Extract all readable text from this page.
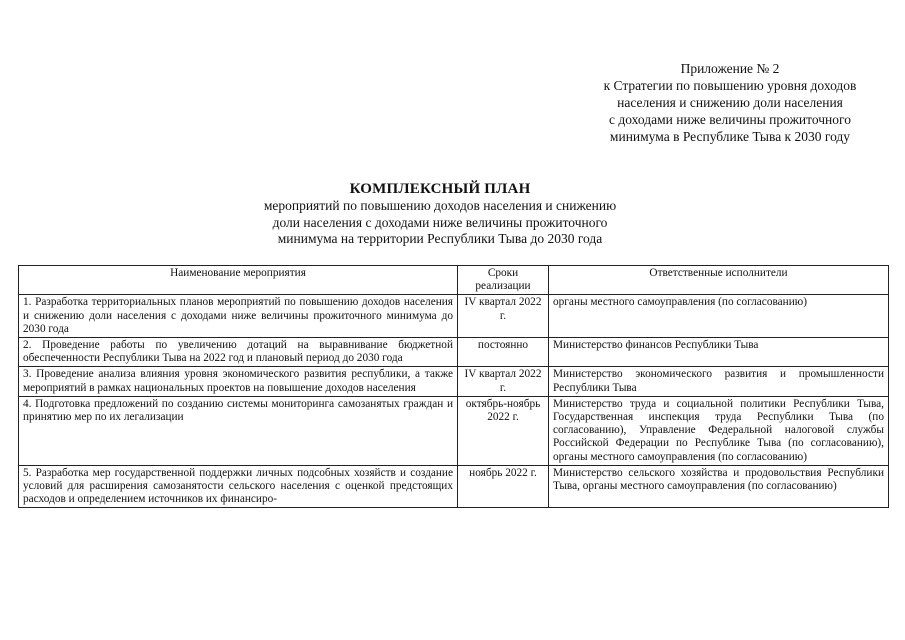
Приложение № 2
к Стратегии по повышению уровня доходов
населения и снижению доли населения
с доходами ниже величины прожиточного
минимума в Республике Тыва к 2030 году
КОМПЛЕКСНЫЙ ПЛАН
мероприятий по повышению доходов населения и снижению
доли населения с доходами ниже величины прожиточного
минимума на территории Республики Тыва до 2030 года
Наименование мероприятия	Сроки реализации	Ответственные исполнители
1. Разработка территориальных планов мероприятий по повышению доходов населения и снижению доли населения с доходами ниже величины прожиточного минимума до 2030 года	IV квартал 2022 г.	органы местного самоуправления (по согласованию)
2. Проведение работы по увеличению дотаций на выравнивание бюджетной обеспеченности Республики Тыва на 2022 год и плановый период до 2030 года	постоянно	Министерство финансов Республики Тыва
3. Проведение анализа влияния уровня экономического развития республики, а также мероприятий в рамках национальных проектов на повышение доходов населения	IV квартал 2022 г.	Министерство экономического развития и промышленности Республики Тыва
4. Подготовка предложений по созданию системы мониторинга самозанятых граждан и принятию мер по их легализации	октябрь-ноябрь 2022 г.	Министерство труда и социальной политики Республики Тыва, Государственная инспекция труда Республики Тыва (по согласованию), Управление Федеральной налоговой службы Российской Федерации по Республике Тыва (по согласованию), органы местного самоуправления (по согласованию)
5. Разработка мер государственной поддержки личных подсобных хозяйств и создание условий для расширения самозанятости сельского населения с оценкой предстоящих расходов и определением источников их финансиро-	ноябрь 2022 г.	Министерство сельского хозяйства и продовольствия Республики Тыва, органы местного самоуправления (по согласованию)
